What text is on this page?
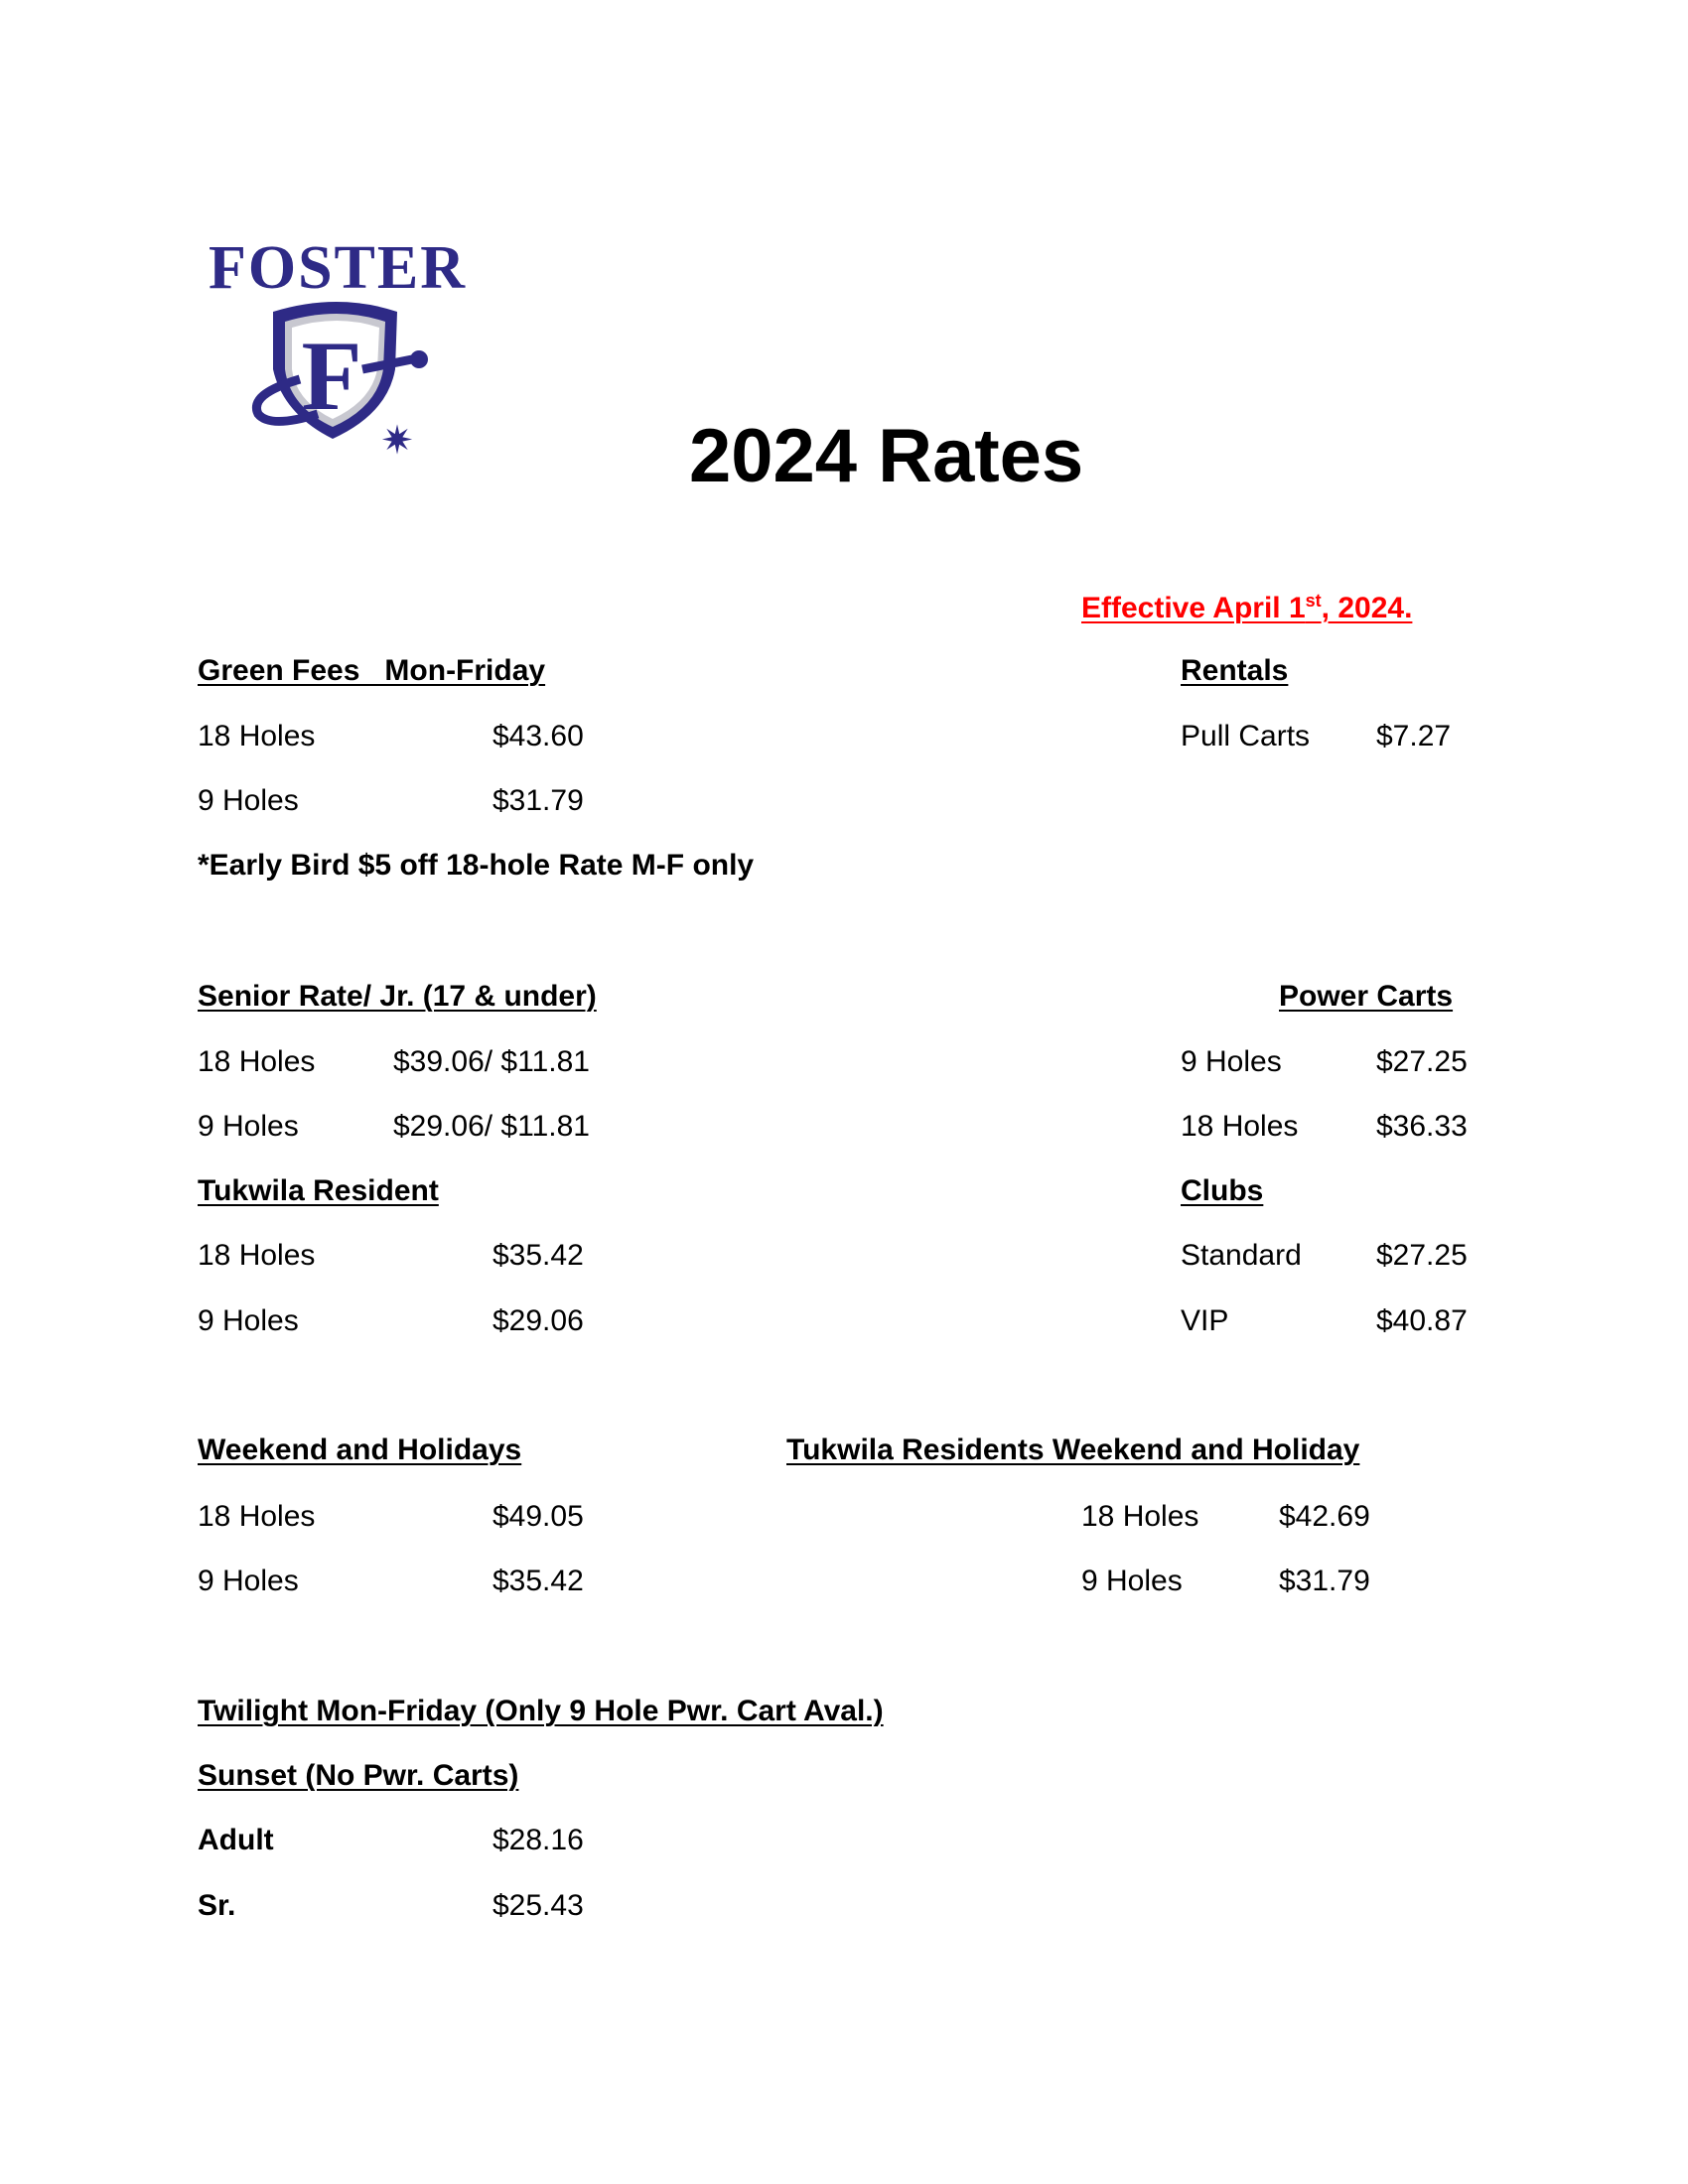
FOSTER
F
✷	2024 Rates
Effective April 1st, 2024.
Green Fees   Mon-Friday
18 Holes	$43.60
9 Holes	$31.79
*Early Bird $5 off 18-hole Rate M-F only
Rentals
Pull Carts $7.27
Senior Rate/ Jr. (17 & under)
18 Holes	$39.06/ $11.81
9 Holes	$29.06/ $11.81
Power Carts
9 Holes	$27.25
18 Holes	$36.33
Tukwila Resident
18 Holes	$35.42
9 Holes	$29.06
Clubs
Standard	$27.25
VIP	$40.87
Weekend and Holidays
18 Holes	$49.05
9 Holes	$35.42
Tukwila Residents Weekend and Holiday
18 Holes	$42.69
9 Holes	$31.79
Twilight Mon-Friday (Only 9 Hole Pwr. Cart Aval.)
Sunset (No Pwr. Carts)
Adult	$28.16
Sr.	$25.43
